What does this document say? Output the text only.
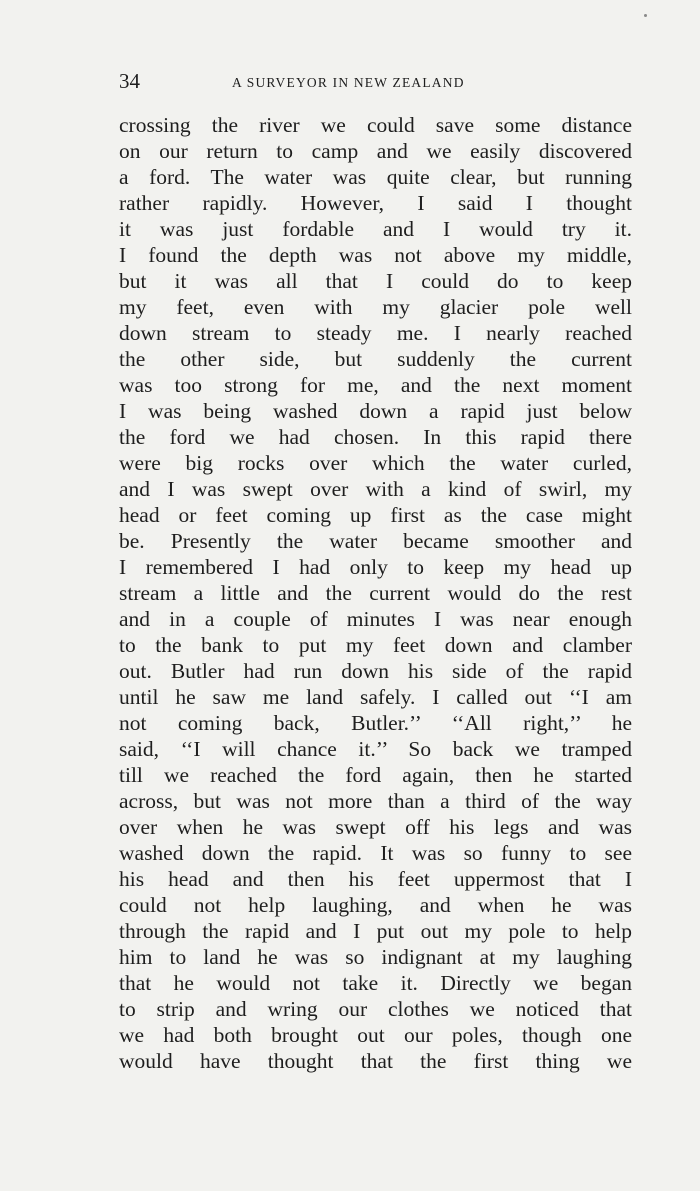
34	A SURVEYOR IN NEW ZEALAND
crossing the river we could save some distance
on our return to camp and we easily discovered
a ford. The water was quite clear, but running
rather rapidly. However, I said I thought
it was just fordable and I would try it.
I found the depth was not above my middle,
but it was all that I could do to keep
my feet, even with my glacier pole well
down stream to steady me. I nearly reached
the other side, but suddenly the current
was too strong for me, and the next moment
I was being washed down a rapid just below
the ford we had chosen. In this rapid there
were big rocks over which the water curled,
and I was swept over with a kind of swirl, my
head or feet coming up first as the case might
be. Presently the water became smoother and
I remembered I had only to keep my head up
stream a little and the current would do the rest
and in a couple of minutes I was near enough
to the bank to put my feet down and clamber
out. Butler had run down his side of the rapid
until he saw me land safely. I called out ‘‘I am
not coming back, Butler.’’ ‘‘All right,’’ he
said, ‘‘I will chance it.’’ So back we tramped
till we reached the ford again, then he started
across, but was not more than a third of the way
over when he was swept off his legs and was
washed down the rapid. It was so funny to see
his head and then his feet uppermost that I
could not help laughing, and when he was
through the rapid and I put out my pole to help
him to land he was so indignant at my laughing
that he would not take it. Directly we began
to strip and wring our clothes we noticed that
we had both brought out our poles, though one
would have thought that the first thing we
